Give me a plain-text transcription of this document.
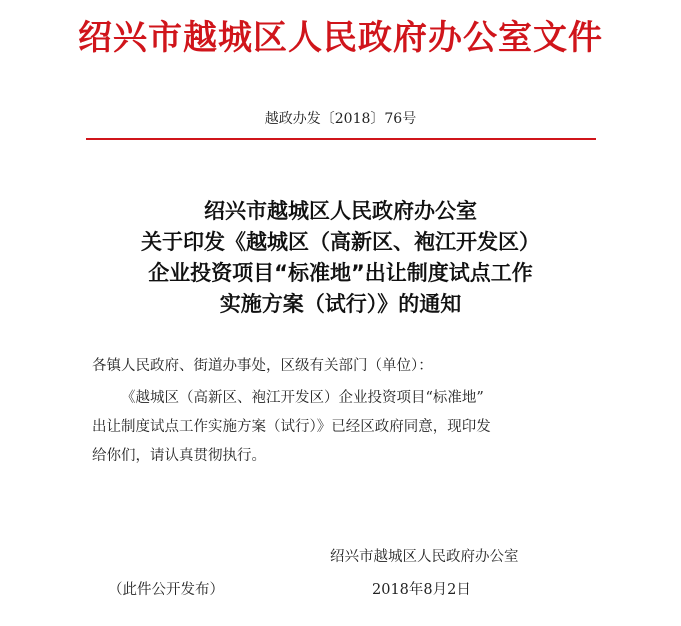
绍兴市越城区人民政府办公室文件
越政办发〔2018〕76号
绍兴市越城区人民政府办公室
关于印发《越城区（高新区、袍江开发区）
企业投资项目“标准地”出让制度试点工作
实施方案（试行）》的通知
各镇人民政府、街道办事处，区级有关部门（单位）：
《越城区（高新区、袍江开发区）企业投资项目“标准地”
出让制度试点工作实施方案（试行）》已经区政府同意，现印发
给你们，请认真贯彻执行。
绍兴市越城区人民政府办公室
（此件公开发布）	2018年8月2日
